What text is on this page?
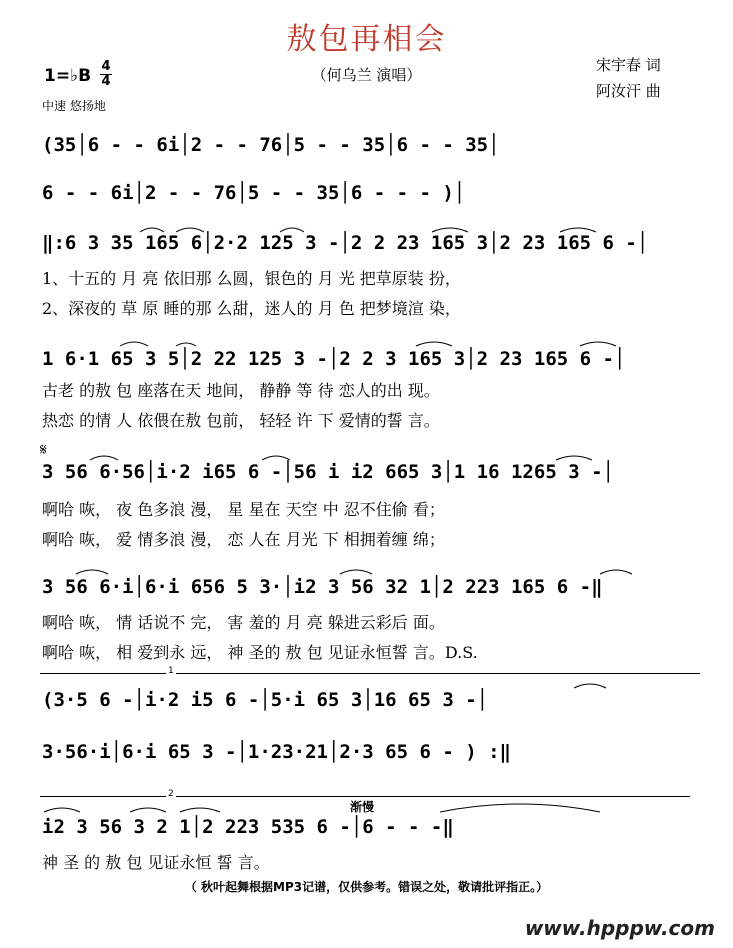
敖包再相会
（何乌兰 演唱）
1=♭B 4
4
中速 悠扬地
宋宇春 词
阿汝汗 曲
(35│6 - - 6i│2 - - 76│5 - - 35│6 - - 35│
6 - - 6i│2 - - 76│5 - - 35│6 - - - )│
‖:6 3 35 165 6│2·2 125 3 -│2 2 23 165 3│2 23 165 6 -│
1、十五的 月 亮 依旧那 么圆，银色的 月 光 把草原装 扮，
2、深夜的 草 原 睡的那 么甜，迷人的 月 色 把梦境渲 染，
1 6·1 65 3 5│2 22 125 3 -│2 2 3 165 3│2 23 165 6 -│
古老 的敖 包 座落在天 地间， 静静 等 待 恋人的出 现。
热恋 的情 人 依偎在敖 包前， 轻轻 许 下 爱情的誓 言。
𝄋
3 56 6·56│i·2 i65 6 -│56 i i2 665 3│1 16 1265 3 -│
啊哈 咴， 夜 色多浪 漫， 星 星在 天空 中 忍不住偷 看；
啊哈 咴， 爱 情多浪 漫， 恋 人在 月光 下 相拥着缠 绵；
3 56 6·i│6·i 656 5 3·│i2 3 56 32 1│2 223 165 6 -‖
啊哈 咴， 情 话说不 完， 害 羞的 月 亮 躲进云彩后 面。
啊哈 咴， 相 爱到永 远， 神 圣的 敖 包 见证永恒誓 言。D.S.
1
(3·5 6 -│i·2 i5 6 -│5·i 65 3│16 65 3 -│
3·56·i│6·i 65 3 -│1·23·21│2·3 65 6 - ) :‖
2
渐慢
i2 3 56 3 2 1│2 223 535 6 -│6 - - -‖
神 圣 的 敖 包 见证永恒 誓 言。
（ 秋叶起舞根据MP3记谱，仅供参考。错误之处，敬请批评指正。）
www.hpppw.com
